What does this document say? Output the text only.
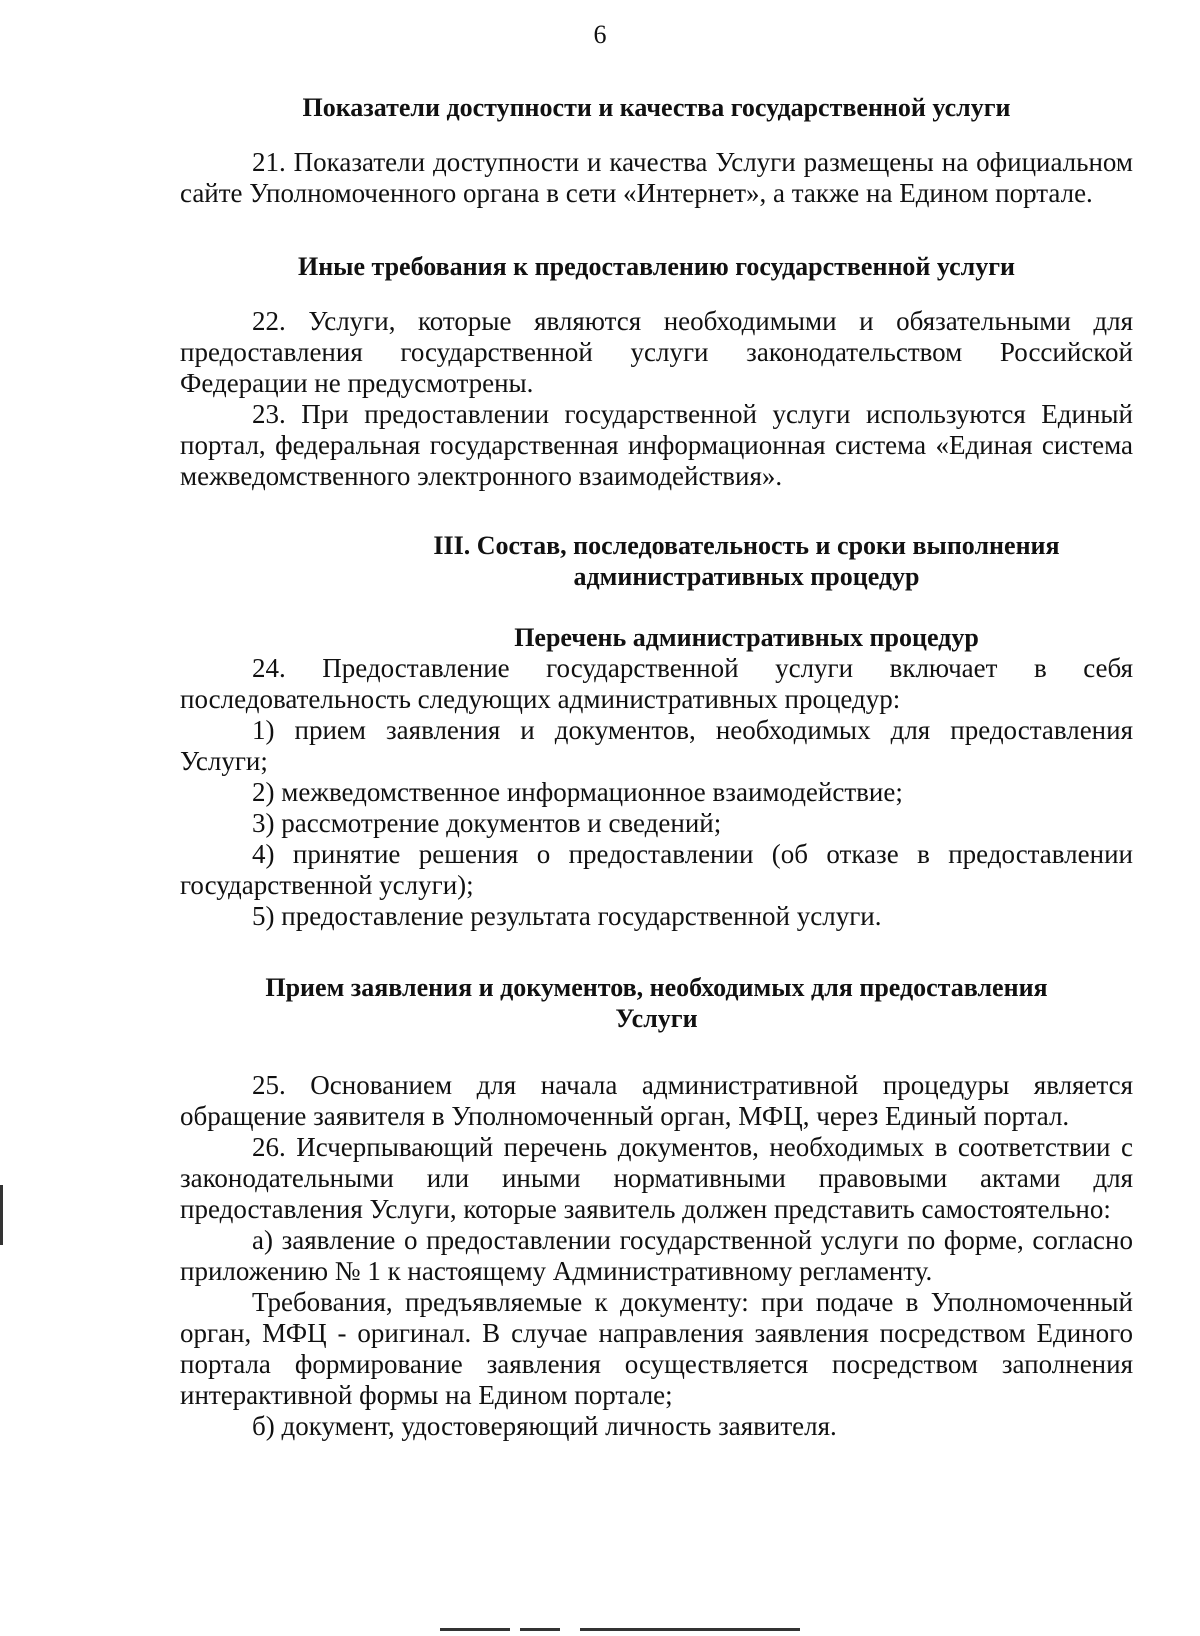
6
Показатели доступности и качества государственной услуги

21. Показатели доступности и качества Услуги размещены на официальном сайте Уполномоченного органа в сети «Интернет», а также на Едином портале.

Иные требования к предоставлению государственной услуги

22. Услуги, которые являются необходимыми и обязательными для предоставления государственной услуги законодательством Российской Федерации не предусмотрены.

23. При предоставлении государственной услуги используются Единый портал, федеральная государственная информационная система «Единая система межведомственного электронного взаимодействия».

III. Состав, последовательность и сроки выполнения
административных процедур
Перечень административных процедур

24. Предоставление государственной услуги включает в себя последовательность следующих административных процедур:

1) прием заявления и документов, необходимых для предоставления Услуги;

2) межведомственное информационное взаимодействие;

3) рассмотрение документов и сведений;

4) принятие решения о предоставлении (об отказе в предоставлении государственной услуги);

5) предоставление результата государственной услуги.

Прием заявления и документов, необходимых для предоставления
Услуги

25. Основанием для начала административной процедуры является обращение заявителя в Уполномоченный орган, МФЦ, через Единый портал.

26. Исчерпывающий перечень документов, необходимых в соответствии с законодательными или иными нормативными правовыми актами для предоставления Услуги, которые заявитель должен представить самостоятельно:

а) заявление о предоставлении государственной услуги по форме, согласно приложению № 1 к настоящему Административному регламенту.

Требования, предъявляемые к документу: при подаче в Уполномоченный орган, МФЦ - оригинал. В случае направления заявления посредством Единого портала формирование заявления осуществляется посредством заполнения интерактивной формы на Едином портале;

б) документ, удостоверяющий личность заявителя.
